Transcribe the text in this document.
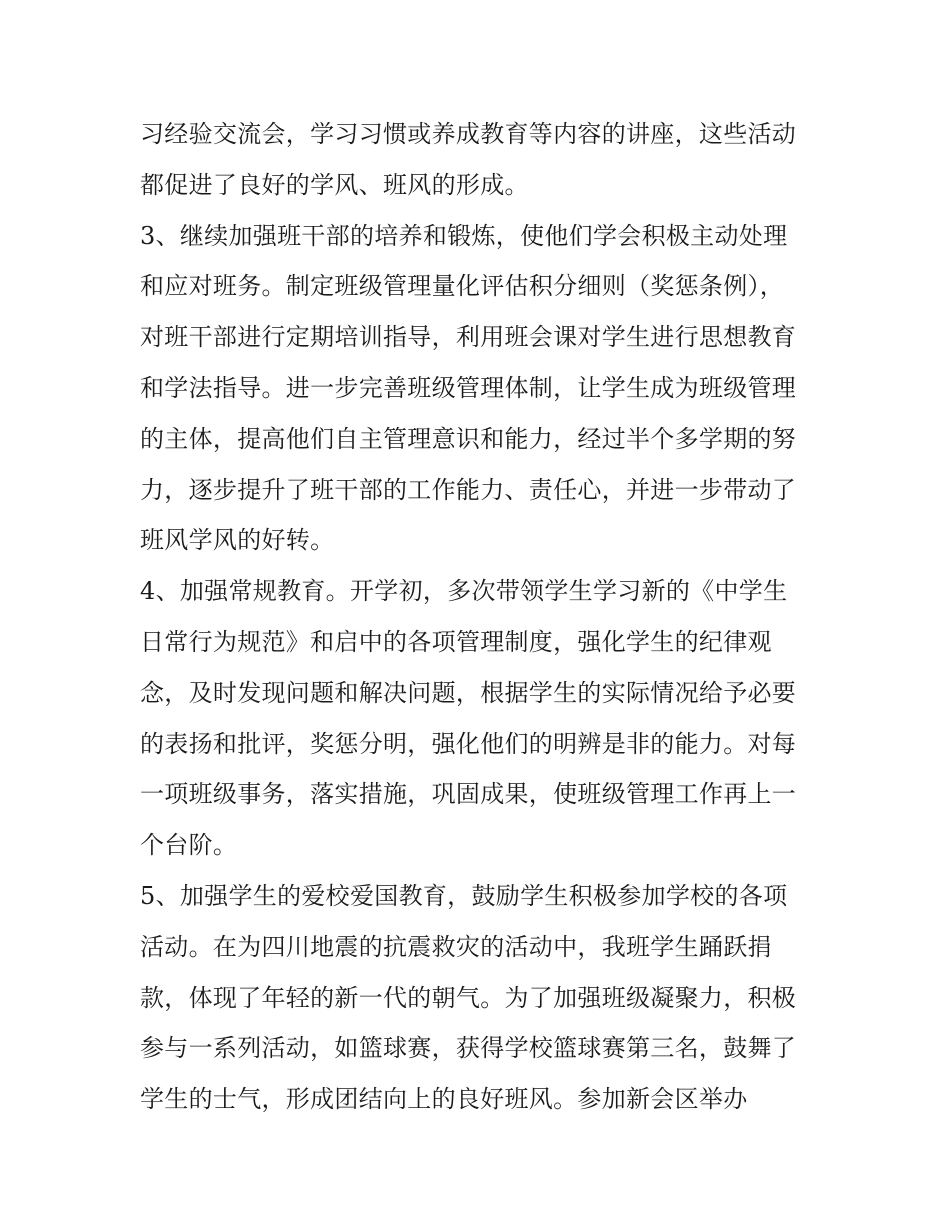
习经验交流会，学习习惯或养成教育等内容的讲座，这些活动
都促进了良好的学风、班风的形成。
3、继续加强班干部的培养和锻炼，使他们学会积极主动处理
和应对班务。制定班级管理量化评估积分细则（奖惩条例），
对班干部进行定期培训指导，利用班会课对学生进行思想教育
和学法指导。进一步完善班级管理体制，让学生成为班级管理
的主体，提高他们自主管理意识和能力，经过半个多学期的努
力，逐步提升了班干部的工作能力、责任心，并进一步带动了
班风学风的好转。
4、加强常规教育。开学初，多次带领学生学习新的《中学生
日常行为规范》和启中的各项管理制度，强化学生的纪律观
念，及时发现问题和解决问题，根据学生的实际情况给予必要
的表扬和批评，奖惩分明，强化他们的明辨是非的能力。对每
一项班级事务，落实措施，巩固成果，使班级管理工作再上一
个台阶。
5、加强学生的爱校爱国教育，鼓励学生积极参加学校的各项
活动。在为四川地震的抗震救灾的活动中，我班学生踊跃捐
款，体现了年轻的新一代的朝气。为了加强班级凝聚力，积极
参与一系列活动，如篮球赛，获得学校篮球赛第三名，鼓舞了
学生的士气，形成团结向上的良好班风。参加新会区举办
